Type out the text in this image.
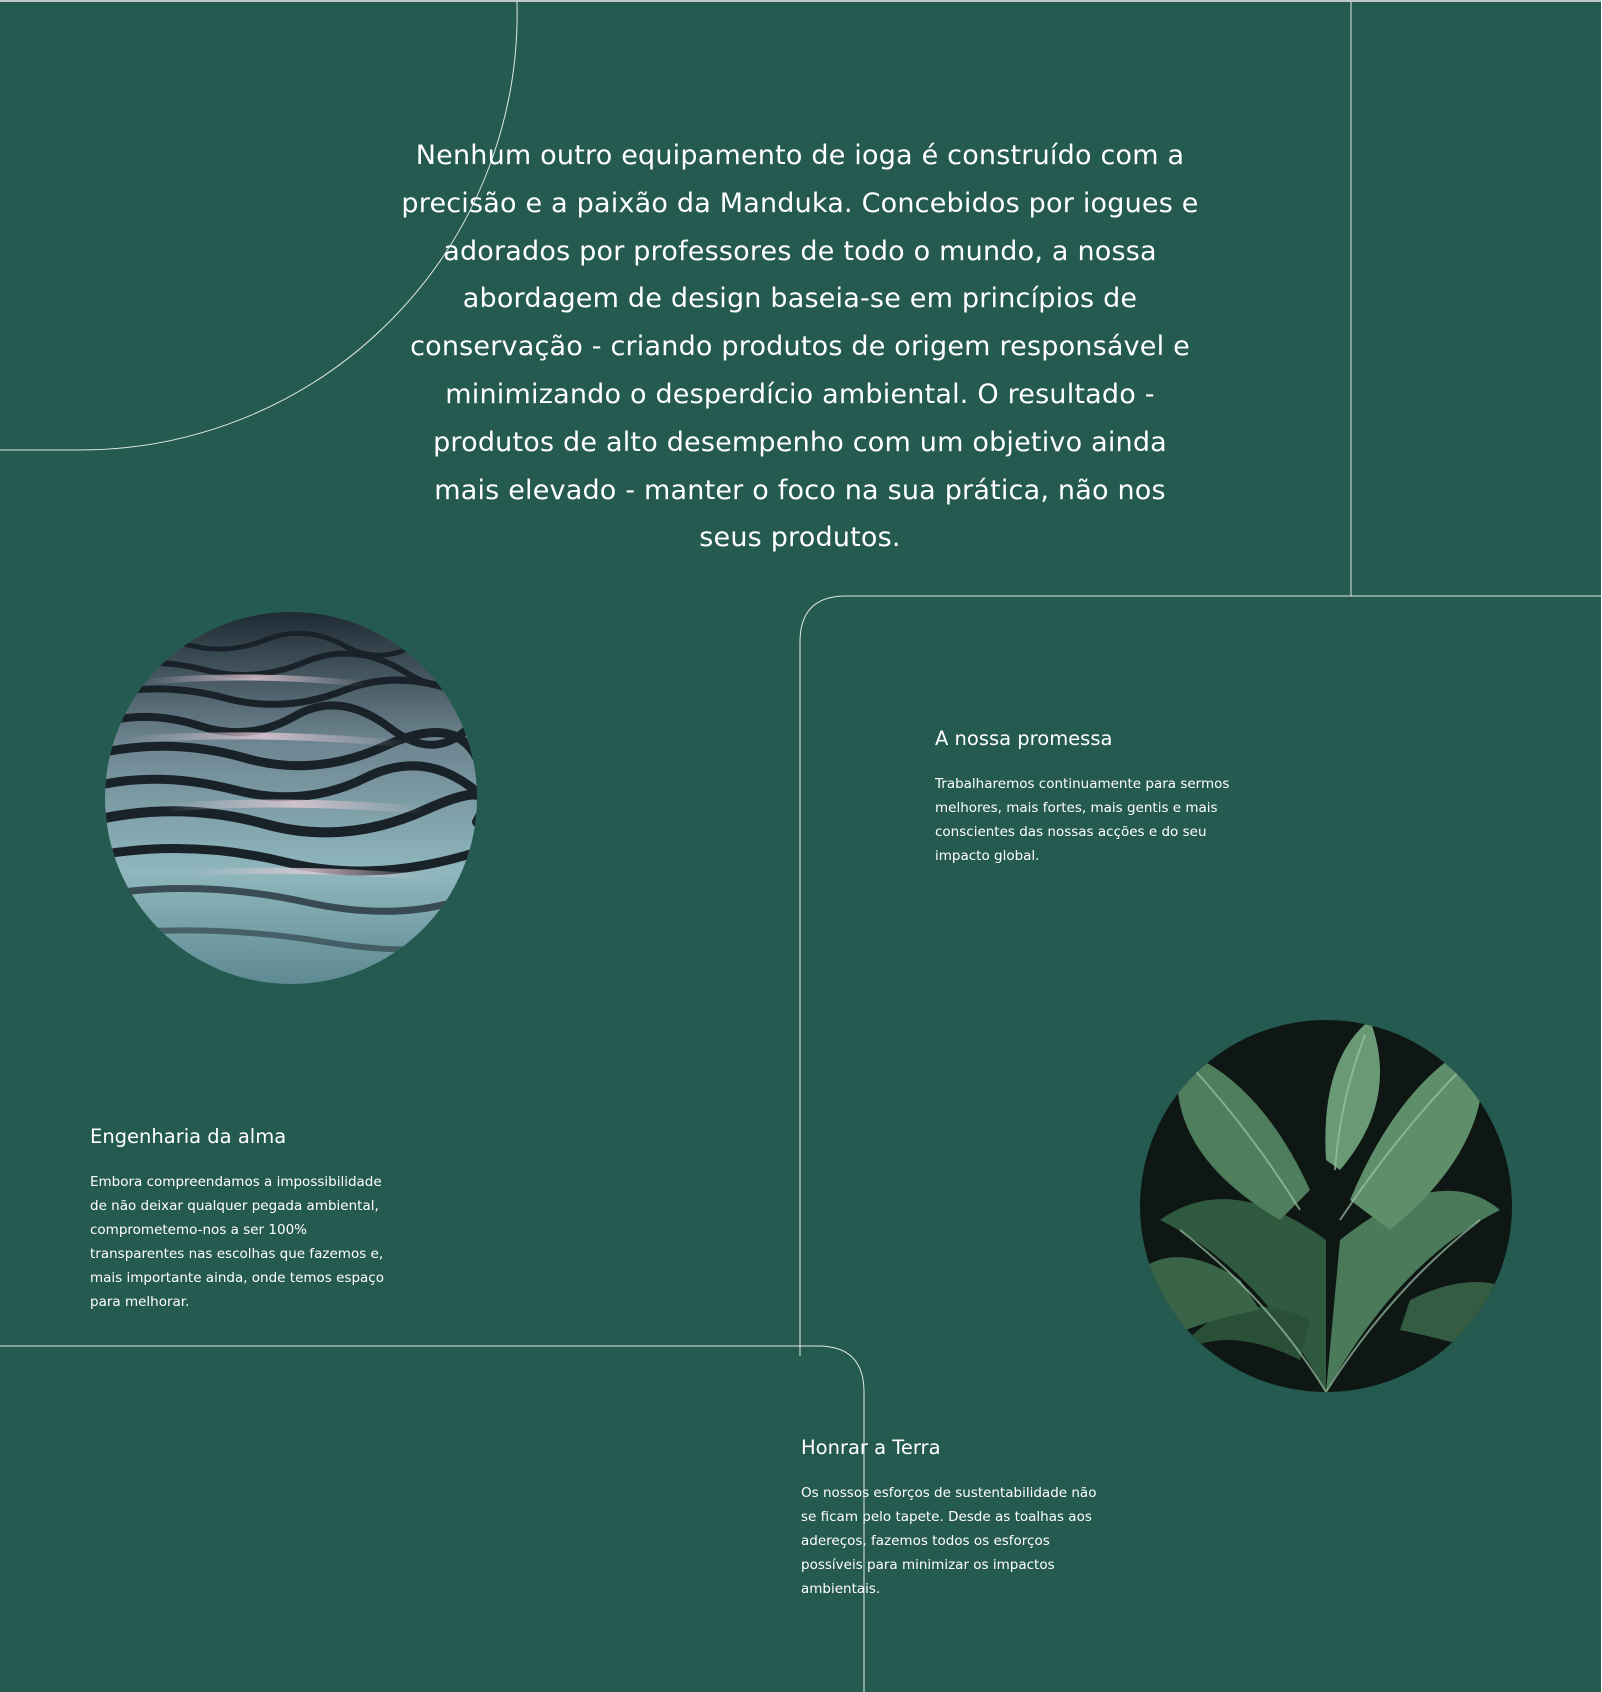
Nenhum outro equipamento de ioga é construído com a precisão e a paixão da Manduka. Concebidos por iogues e adorados por professores de todo o mundo, a nossa abordagem de design baseia-se em princípios de conservação - criando produtos de origem responsável e minimizando o desperdício ambiental. O resultado - produtos de alto desempenho com um objetivo ainda mais elevado - manter o foco na sua prática, não nos seus produtos.

A nossa promessa

Trabalharemos continuamente para sermos melhores, mais fortes, mais gentis e mais conscientes das nossas acções e do seu impacto global.

Engenharia da alma

Embora compreendamos a impossibilidade de não deixar qualquer pegada ambiental, comprometemo-nos a ser 100% transparentes nas escolhas que fazemos e, mais importante ainda, onde temos espaço para melhorar.

Honrar a Terra

Os nossos esforços de sustentabilidade não se ficam pelo tapete. Desde as toalhas aos adereços, fazemos todos os esforços possíveis para minimizar os impactos ambientais.
